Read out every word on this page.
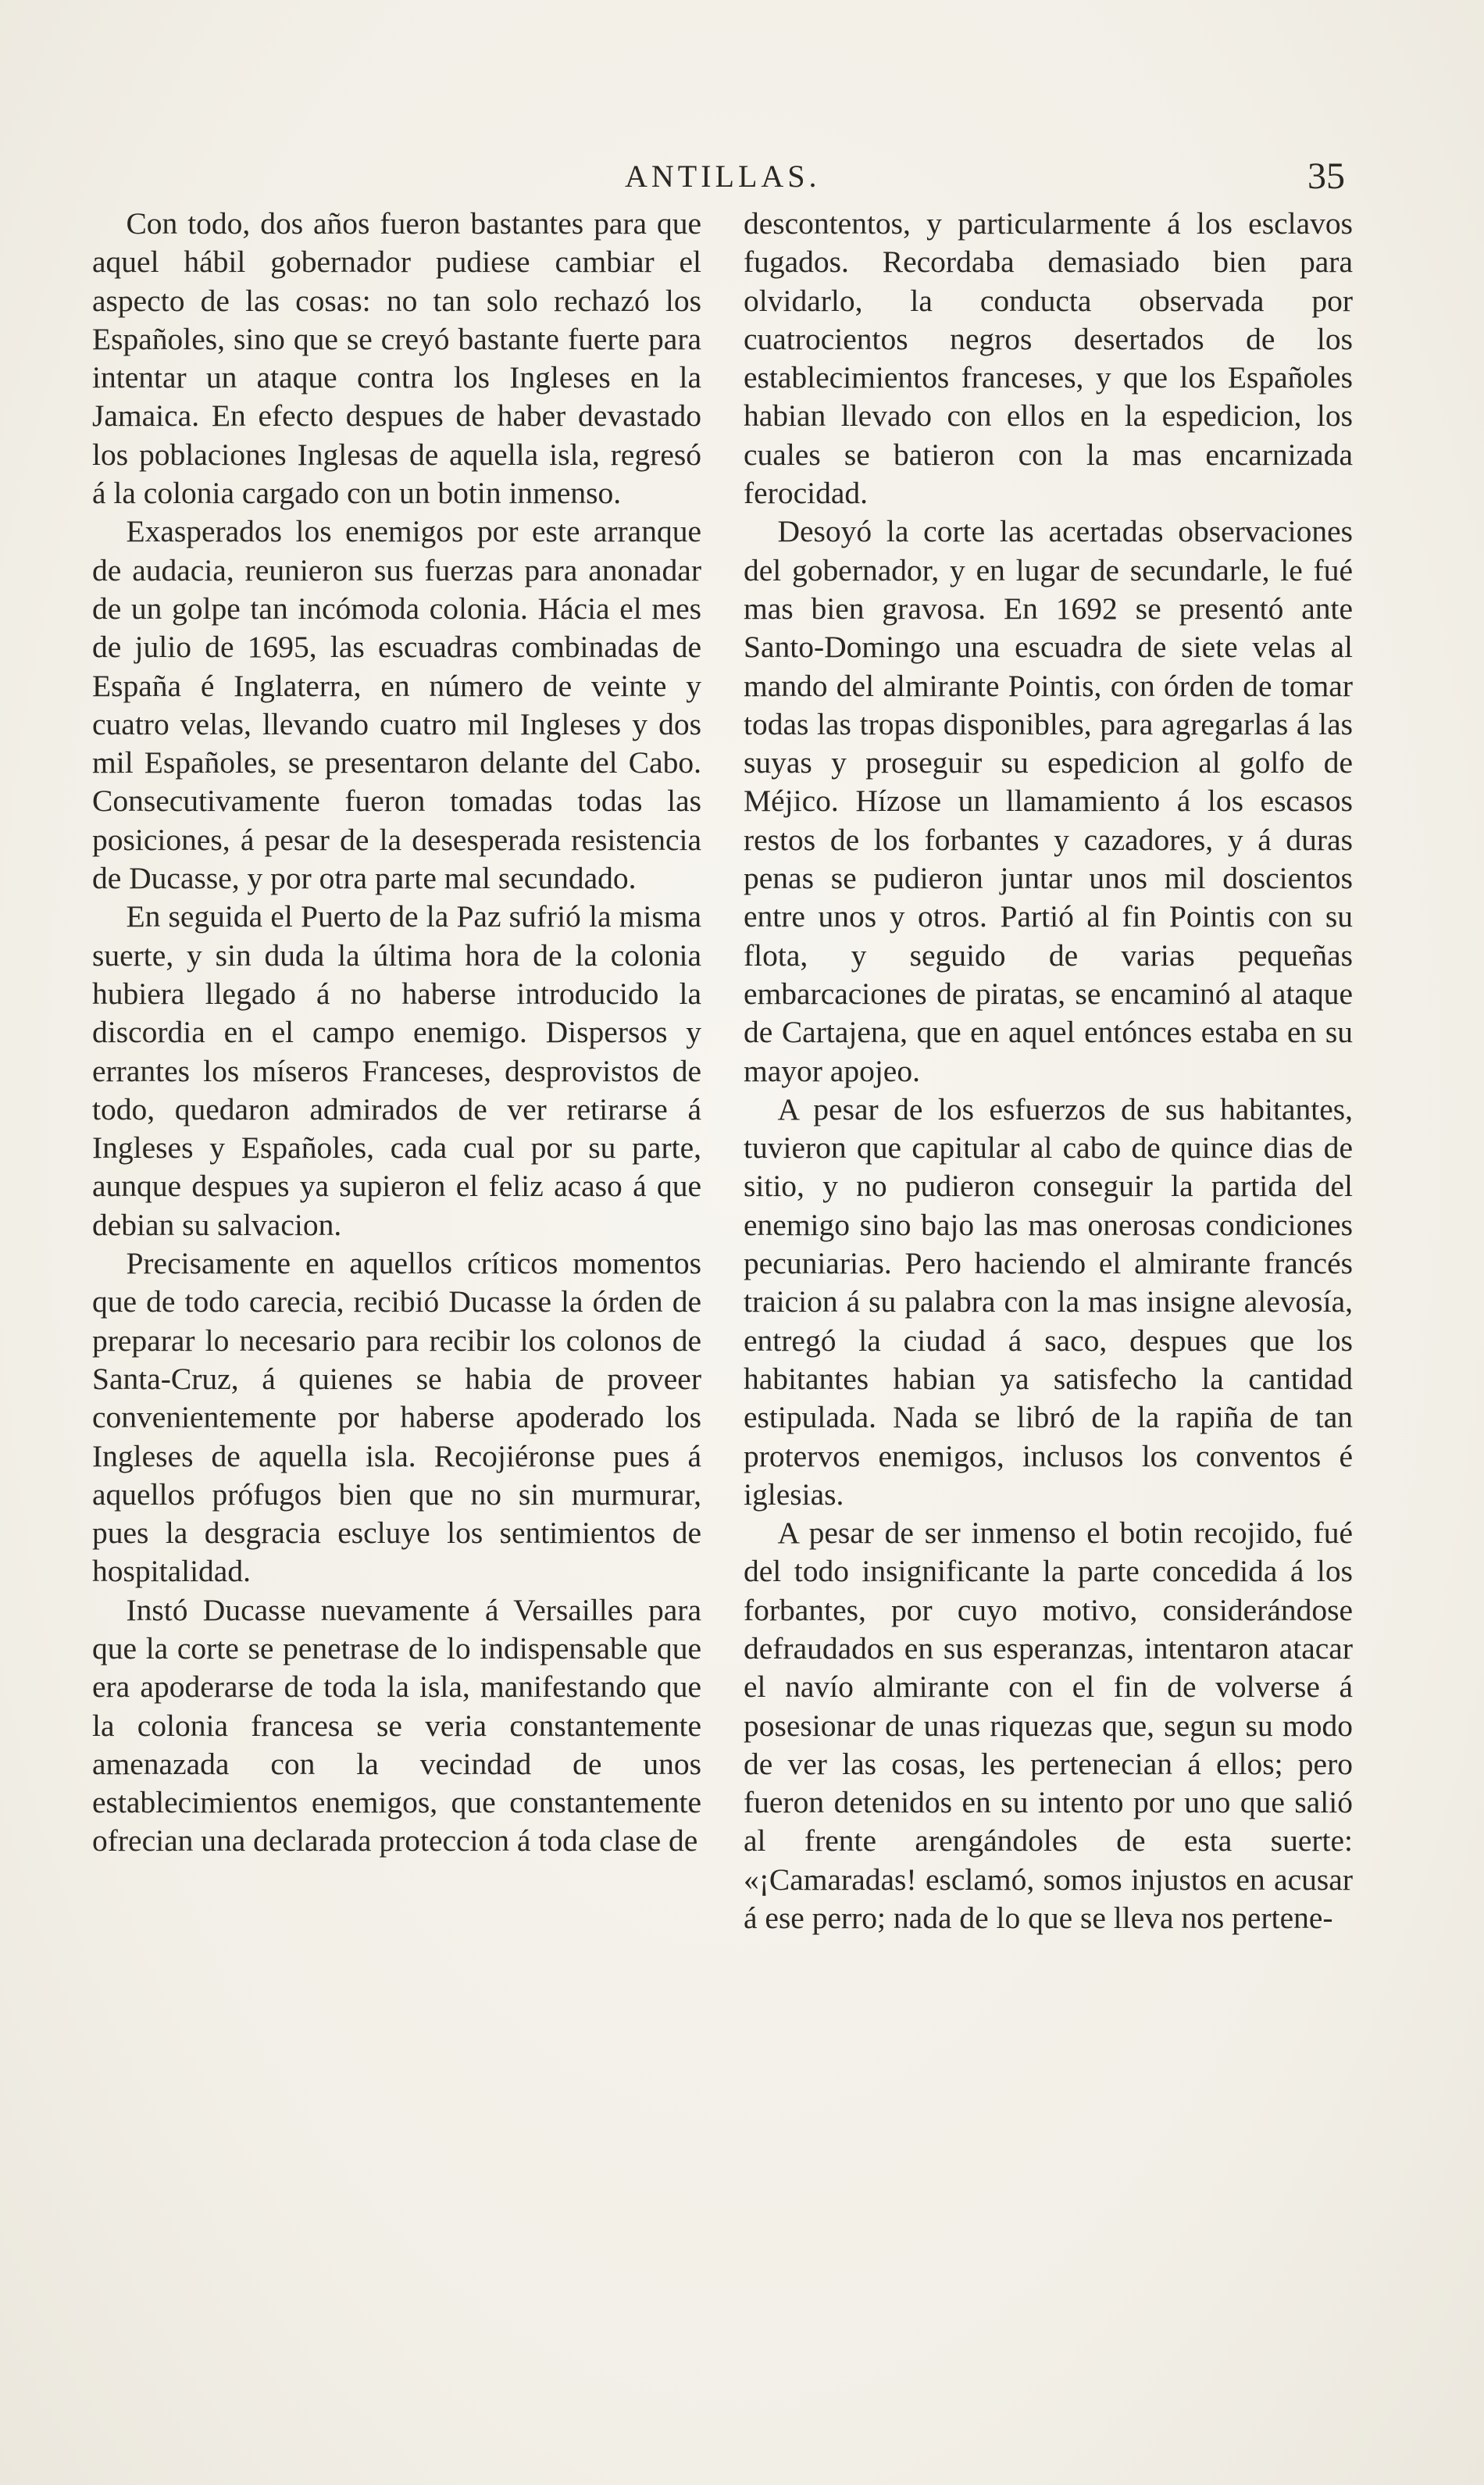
ANTILLAS.	35

Con todo, dos años fueron bastantes para que aquel hábil gobernador pudiese cambiar el aspecto de las cosas: no tan solo rechazó los Españoles, sino que se creyó bastante fuerte para intentar un ataque contra los Ingleses en la Jamaica. En efecto despues de haber devastado los poblaciones Inglesas de aquella isla, regresó á la colonia cargado con un botin inmenso.

Exasperados los enemigos por este arranque de audacia, reunieron sus fuerzas para anonadar de un golpe tan incómoda colonia. Hácia el mes de julio de 1695, las escuadras combinadas de España é Inglaterra, en número de veinte y cuatro velas, llevando cuatro mil Ingleses y dos mil Españoles, se presentaron delante del Cabo. Consecutivamente fueron tomadas todas las posiciones, á pesar de la desesperada resistencia de Ducasse, y por otra parte mal secundado.

En seguida el Puerto de la Paz sufrió la misma suerte, y sin duda la última hora de la colonia hubiera llegado á no haberse introducido la discordia en el campo enemigo. Dispersos y errantes los míseros Franceses, desprovistos de todo, quedaron admirados de ver retirarse á Ingleses y Españoles, cada cual por su parte, aunque despues ya supieron el feliz acaso á que debian su salvacion.

Precisamente en aquellos críticos momentos que de todo carecia, recibió Ducasse la órden de preparar lo necesario para recibir los colonos de Santa-Cruz, á quienes se habia de proveer convenientemente por haberse apoderado los Ingleses de aquella isla. Recojiéronse pues á aquellos prófugos bien que no sin murmurar, pues la desgracia escluye los sentimientos de hospitalidad.

Instó Ducasse nuevamente á Versailles para que la corte se penetrase de lo indispensable que era apoderarse de toda la isla, manifestando que la colonia francesa se veria constantemente amenazada con la vecindad de unos establecimientos enemigos, que constantemente ofrecian una declarada proteccion á toda clase de

descontentos, y particularmente á los esclavos fugados. Recordaba demasiado bien para olvidarlo, la conducta observada por cuatrocientos negros desertados de los establecimientos franceses, y que los Españoles habian llevado con ellos en la espedicion, los cuales se batieron con la mas encarnizada ferocidad.

Desoyó la corte las acertadas observaciones del gobernador, y en lugar de secundarle, le fué mas bien gravosa. En 1692 se presentó ante Santo-Domingo una escuadra de siete velas al mando del almirante Pointis, con órden de tomar todas las tropas disponibles, para agregarlas á las suyas y proseguir su espedicion al golfo de Méjico. Hízose un llamamiento á los escasos restos de los forbantes y cazadores, y á duras penas se pudieron juntar unos mil doscientos entre unos y otros. Partió al fin Pointis con su flota, y seguido de varias pequeñas embarcaciones de piratas, se encaminó al ataque de Cartajena, que en aquel entónces estaba en su mayor apojeo.

A pesar de los esfuerzos de sus habitantes, tuvieron que capitular al cabo de quince dias de sitio, y no pudieron conseguir la partida del enemigo sino bajo las mas onerosas condiciones pecuniarias. Pero haciendo el almirante francés traicion á su palabra con la mas insigne alevosía, entregó la ciudad á saco, despues que los habitantes habian ya satisfecho la cantidad estipulada. Nada se libró de la rapiña de tan protervos enemigos, inclusos los conventos é iglesias.

A pesar de ser inmenso el botin recojido, fué del todo insignificante la parte concedida á los forbantes, por cuyo motivo, considerándose defraudados en sus esperanzas, intentaron atacar el navío almirante con el fin de volverse á posesionar de unas riquezas que, segun su modo de ver las cosas, les pertenecian á ellos; pero fueron detenidos en su intento por uno que salió al frente arengándoles de esta suerte: «¡Camaradas! esclamó, somos injustos en acusar á ese perro; nada de lo que se lleva nos pertene-
